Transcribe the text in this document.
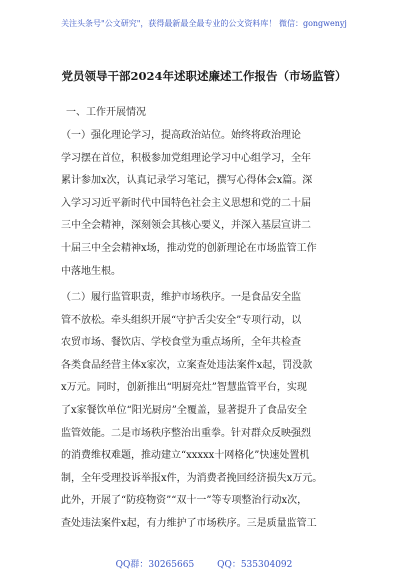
关注头条号"公文研究"，获得最新最全最专业的公文资料库！ 微信：gongwenyj
党员领导干部2024年述职述廉述工作报告（市场监管）
一、工作开展情况
（一）强化理论学习，提高政治站位。始终将政治理论
学习摆在首位，积极参加党组理论学习中心组学习，全年
累计参加x次，认真记录学习笔记，撰写心得体会x篇。深
入学习习近平新时代中国特色社会主义思想和党的二十届
三中全会精神，深刻领会其核心要义，并深入基层宣讲二
十届三中全会精神x场，推动党的创新理论在市场监管工作
中落地生根。
（二）履行监管职责，维护市场秩序。一是食品安全监
管不放松。牵头组织开展“守护舌尖安全”专项行动，以
农贸市场、餐饮店、学校食堂为重点场所，全年共检查
各类食品经营主体x家次，立案查处违法案件x起，罚没款
x万元。同时，创新推出“明厨亮灶”智慧监管平台，实现
了x家餐饮单位“阳光厨房”全覆盖，显著提升了食品安全
监管效能。二是市场秩序整治出重拳。针对群众反映强烈
的消费维权难题，推动建立“xxxxx十网格化”快速处置机
制，全年受理投诉举报x件，为消费者挽回经济损失x万元。
此外，开展了“防疫物资”“双十一”等专项整治行动x次，
查处违法案件x起，有力维护了市场秩序。三是质量监管工
QQ群：30265665	QQ：535304092
